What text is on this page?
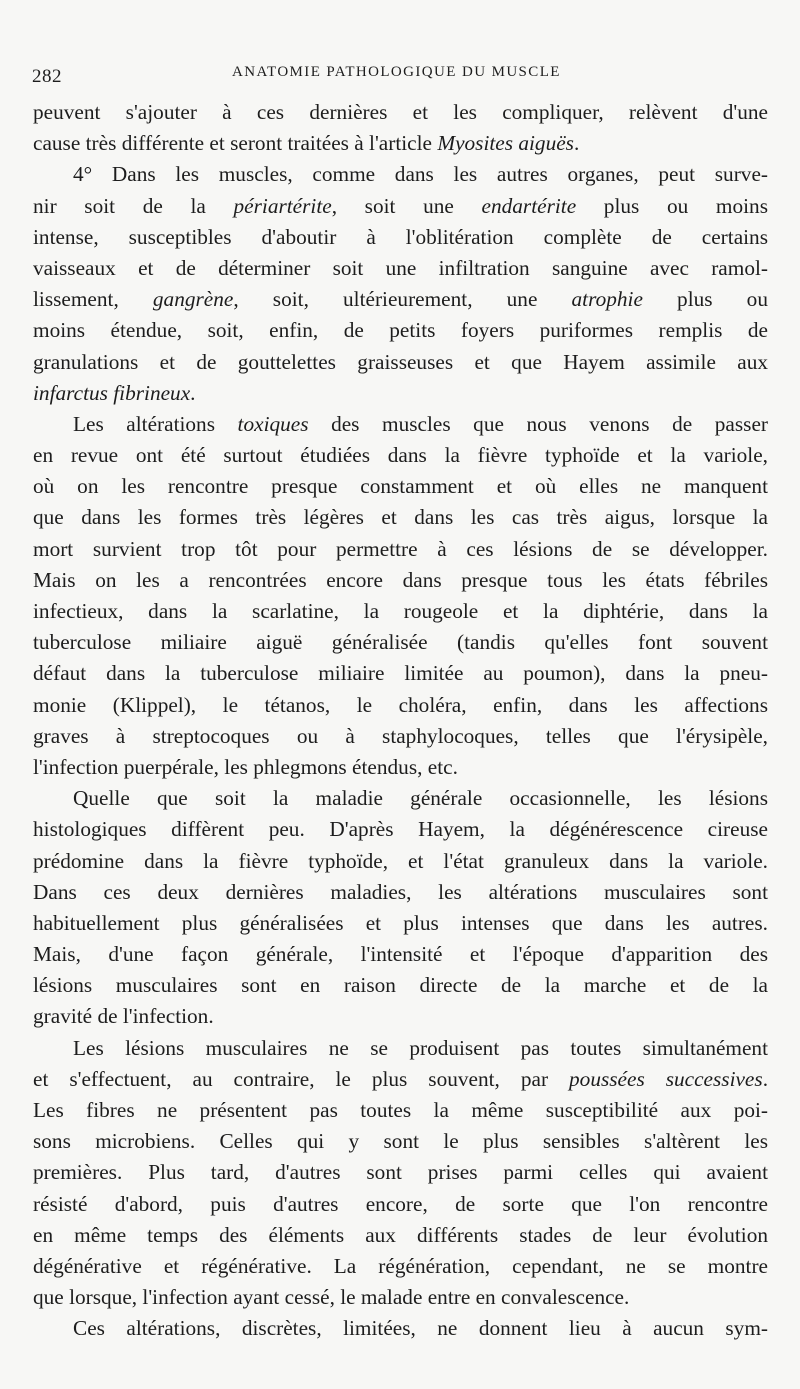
282	ANATOMIE PATHOLOGIQUE DU MUSCLE
peuvent s'ajouter à ces dernières et les compliquer, relèvent d'une
cause très différente et seront traitées à l'article Myosites aiguës.
4° Dans les muscles, comme dans les autres organes, peut surve-
nir soit de la périartérite, soit une endartérite plus ou moins
intense, susceptibles d'aboutir à l'oblitération complète de certains
vaisseaux et de déterminer soit une infiltration sanguine avec ramol-
lissement, gangrène, soit, ultérieurement, une atrophie plus ou
moins étendue, soit, enfin, de petits foyers puriformes remplis de
granulations et de gouttelettes graisseuses et que Hayem assimile aux
infarctus fibrineux.
Les altérations toxiques des muscles que nous venons de passer
en revue ont été surtout étudiées dans la fièvre typhoïde et la variole,
où on les rencontre presque constamment et où elles ne manquent
que dans les formes très légères et dans les cas très aigus, lorsque la
mort survient trop tôt pour permettre à ces lésions de se développer.
Mais on les a rencontrées encore dans presque tous les états fébriles
infectieux, dans la scarlatine, la rougeole et la diphtérie, dans la
tuberculose miliaire aiguë généralisée (tandis qu'elles font souvent
défaut dans la tuberculose miliaire limitée au poumon), dans la pneu-
monie (Klippel), le tétanos, le choléra, enfin, dans les affections
graves à streptocoques ou à staphylocoques, telles que l'érysipèle,
l'infection puerpérale, les phlegmons étendus, etc.
Quelle que soit la maladie générale occasionnelle, les lésions
histologiques diffèrent peu. D'après Hayem, la dégénérescence cireuse
prédomine dans la fièvre typhoïde, et l'état granuleux dans la variole.
Dans ces deux dernières maladies, les altérations musculaires sont
habituellement plus généralisées et plus intenses que dans les autres.
Mais, d'une façon générale, l'intensité et l'époque d'apparition des
lésions musculaires sont en raison directe de la marche et de la
gravité de l'infection.
Les lésions musculaires ne se produisent pas toutes simultanément
et s'effectuent, au contraire, le plus souvent, par poussées successives.
Les fibres ne présentent pas toutes la même susceptibilité aux poi-
sons microbiens. Celles qui y sont le plus sensibles s'altèrent les
premières. Plus tard, d'autres sont prises parmi celles qui avaient
résisté d'abord, puis d'autres encore, de sorte que l'on rencontre
en même temps des éléments aux différents stades de leur évolution
dégénérative et régénérative. La régénération, cependant, ne se montre
que lorsque, l'infection ayant cessé, le malade entre en convalescence.
Ces altérations, discrètes, limitées, ne donnent lieu à aucun sym-
